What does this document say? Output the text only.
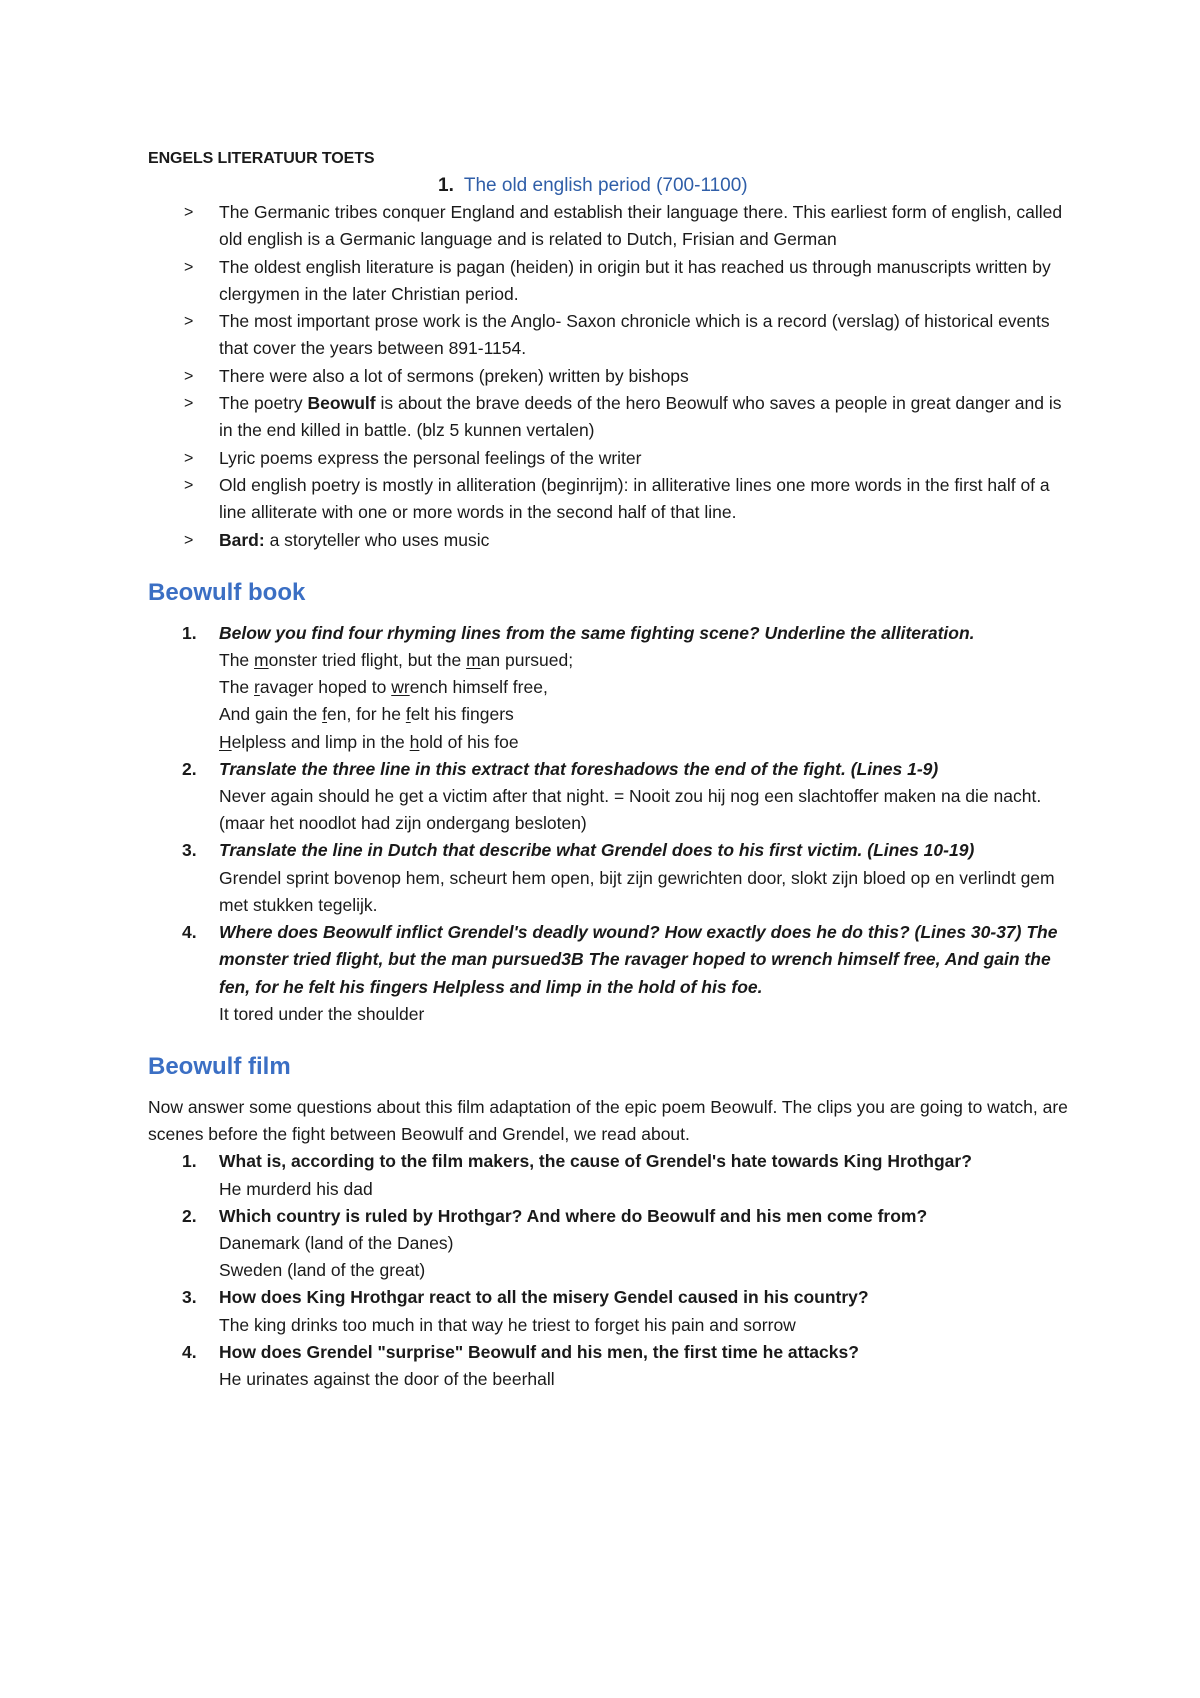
ENGELS LITERATUUR TOETS

1. The old english period (700-1100)

> The Germanic tribes conquer England and establish their language there. This earliest form of english, called old english is a Germanic language and is related to Dutch, Frisian and German
> The oldest english literature is pagan (heiden) in origin but it has reached us through manuscripts written by clergymen in the later Christian period.
> The most important prose work is the Anglo- Saxon chronicle which is a record (verslag) of historical events that cover the years between 891-1154.
> There were also a lot of sermons (preken) written by bishops
> The poetry Beowulf is about the brave deeds of the hero Beowulf who saves a people in great danger and is in the end killed in battle. (blz 5 kunnen vertalen)
> Lyric poems express the personal feelings of the writer
> Old english poetry is mostly in alliteration (beginrijm): in alliterative lines one more words in the first half of a line alliterate with one or more words in the second half of that line.
> Bard: a storyteller who uses music
Beowulf book
1. Below you find four rhyming lines from the same fighting scene? Underline the alliteration.
The monster tried flight, but the man pursued;
The ravager hoped to wrench himself free,
And gain the fen, for he felt his fingers
Helpless and limp in the hold of his foe
2. Translate the three line in this extract that foreshadows the end of the fight. (Lines 1-9)
Never again should he get a victim after that night. = Nooit zou hij nog een slachtoffer maken na die nacht. (maar het noodlot had zijn ondergang besloten)
3. Translate the line in Dutch that describe what Grendel does to his first victim. (Lines 10-19)
Grendel sprint bovenop hem, scheurt hem open, bijt zijn gewrichten door, slokt zijn bloed op en verlindt gem met stukken tegelijk.
4. Where does Beowulf inflict Grendel's deadly wound? How exactly does he do this? (Lines 30-37) The monster tried flight, but the man pursued3B The ravager hoped to wrench himself free, And gain the fen, for he felt his fingers Helpless and limp in the hold of his foe.
It tored under the shoulder
Beowulf film

Now answer some questions about this film adaptation of the epic poem Beowulf. The clips you are going to watch, are scenes before the fight between Beowulf and Grendel, we read about.

1. What is, according to the film makers, the cause of Grendel's hate towards King Hrothgar?
He murderd his dad
2. Which country is ruled by Hrothgar? And where do Beowulf and his men come from?
Danemark (land of the Danes)
Sweden (land of the great)
3. How does King Hrothgar react to all the misery Gendel caused in his country?
The king drinks too much in that way he triest to forget his pain and sorrow
4. How does Grendel "surprise" Beowulf and his men, the first time he attacks?
He urinates against the door of the beerhall
